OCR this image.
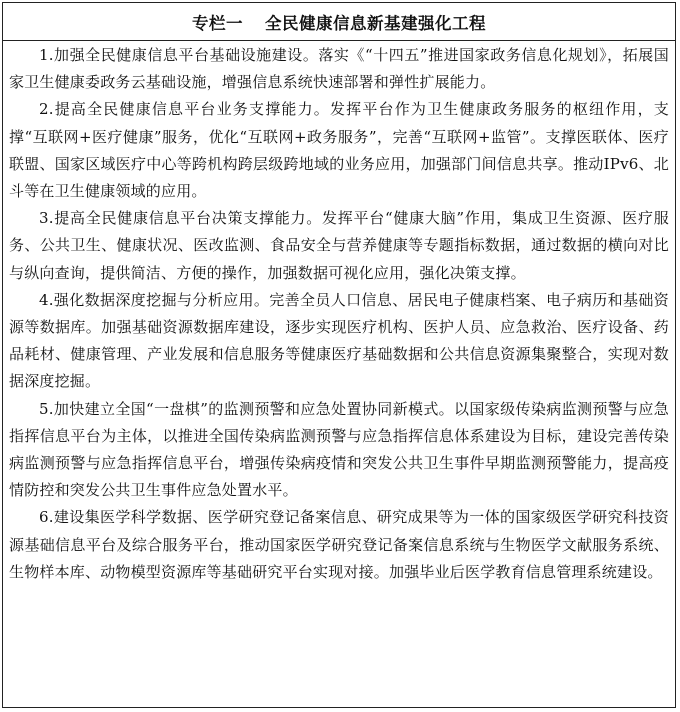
专栏一 全民健康信息新基建强化工程

1.加强全民健康信息平台基础设施建设。落实《“十四五”推进国家政务信息化规划》，拓展国家卫生健康委政务云基础设施，增强信息系统快速部署和弹性扩展能力。

2.提高全民健康信息平台业务支撑能力。发挥平台作为卫生健康政务服务的枢纽作用，支撑“互联网+医疗健康”服务，优化“互联网+政务服务”，完善“互联网+监管”。支撑医联体、医疗联盟、国家区域医疗中心等跨机构跨层级跨地域的业务应用，加强部门间信息共享。推动IPv6、北斗等在卫生健康领域的应用。

3.提高全民健康信息平台决策支撑能力。发挥平台“健康大脑”作用，集成卫生资源、医疗服务、公共卫生、健康状况、医改监测、食品安全与营养健康等专题指标数据，通过数据的横向对比与纵向查询，提供简洁、方便的操作，加强数据可视化应用，强化决策支撑。

4.强化数据深度挖掘与分析应用。完善全员人口信息、居民电子健康档案、电子病历和基础资源等数据库。加强基础资源数据库建设，逐步实现医疗机构、医护人员、应急救治、医疗设备、药品耗材、健康管理、产业发展和信息服务等健康医疗基础数据和公共信息资源集聚整合，实现对数据深度挖掘。

5.加快建立全国“一盘棋”的监测预警和应急处置协同新模式。以国家级传染病监测预警与应急指挥信息平台为主体，以推进全国传染病监测预警与应急指挥信息体系建设为目标，建设完善传染病监测预警与应急指挥信息平台，增强传染病疫情和突发公共卫生事件早期监测预警能力，提高疫情防控和突发公共卫生事件应急处置水平。

6.建设集医学科学数据、医学研究登记备案信息、研究成果等为一体的国家级医学研究科技资源基础信息平台及综合服务平台，推动国家医学研究登记备案信息系统与生物医学文献服务系统、生物样本库、动物模型资源库等基础研究平台实现对接。加强毕业后医学教育信息管理系统建设。
